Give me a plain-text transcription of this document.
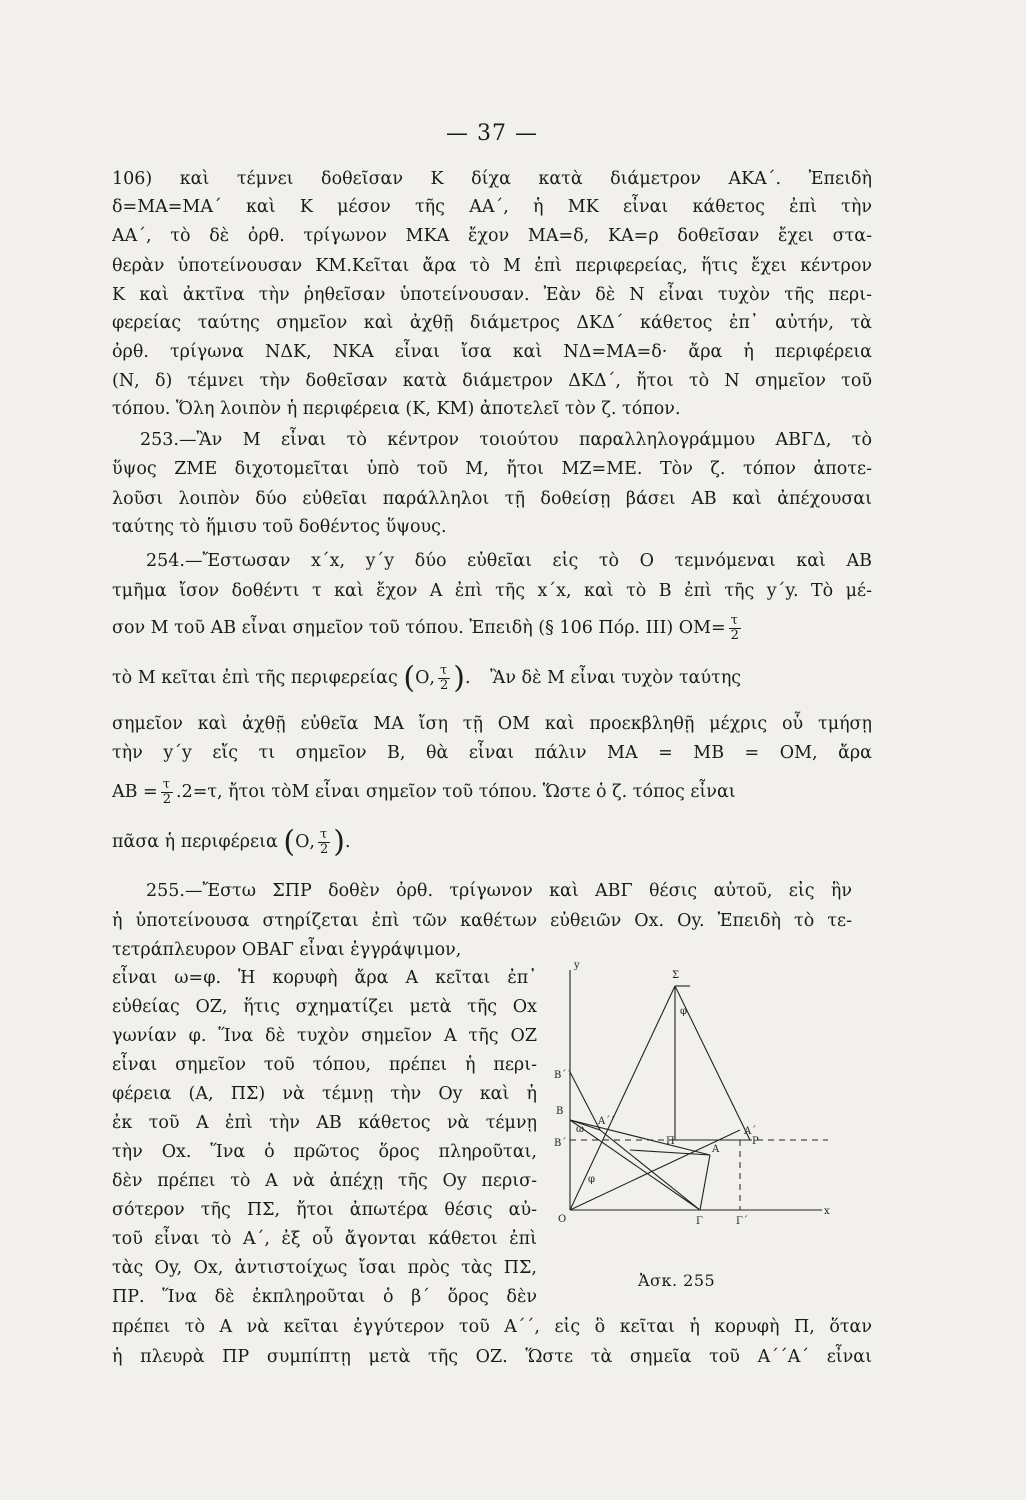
— 37 —
106) καὶ τέμνει δοθεῖσαν Κ δίχα κατὰ διάμετρον ΑΚΑ΄. Ἐπειδὴ
δ=ΜΑ=ΜΑ΄ καὶ Κ μέσον τῆς ΑΑ΄, ἡ ΜΚ εἶναι κάθετος ἐπὶ τὴν
ΑΑ΄, τὸ δὲ ὀρθ. τρίγωνον ΜΚΑ ἔχον ΜΑ=δ, ΚΑ=ρ δοθεῖσαν ἔχει στα-
θερὰν ὑποτείνουσαν ΚΜ.Κεῖται ἄρα τὸ Μ ἐπὶ περιφερείας, ἥτις ἔχει κέντρον
Κ καὶ ἀκτῖνα τὴν ῥηθεῖσαν ὑποτείνουσαν. Ἐὰν δὲ Ν εἶναι τυχὸν τῆς περι-
φερείας ταύτης σημεῖον καὶ ἀχθῇ διάμετρος ΔΚΔ΄ κάθετος ἐπ᾽ αὐτήν, τὰ
ὀρθ. τρίγωνα ΝΔΚ, ΝΚΑ εἶναι ἴσα καὶ ΝΔ=ΜΑ=δ· ἄρα ἡ περιφέρεια
(Ν, δ) τέμνει τὴν δοθεῖσαν κατὰ διάμετρον ΔΚΔ΄, ἤτοι τὸ Ν σημεῖον τοῦ
τόπου. Ὅλη λοιπὸν ἡ περιφέρεια (Κ, ΚΜ) ἀποτελεῖ τὸν ζ. τόπον.
253.—Ἂν Μ εἶναι τὸ κέντρον τοιούτου παραλληλογράμμου ΑΒΓΔ, τὸ
ὕψος ΖΜΕ διχοτομεῖται ὑπὸ τοῦ Μ, ἤτοι ΜΖ=ΜΕ. Τὸν ζ. τόπον ἀποτε-
λοῦσι λοιπὸν δύο εὐθεῖαι παράλληλοι τῇ δοθείσῃ βάσει ΑΒ καὶ ἀπέχουσαι
ταύτης τὸ ἥμισυ τοῦ δοθέντος ὕψους.
254.—Ἔστωσαν x΄x, y΄y δύο εὐθεῖαι εἰς τὸ Ο τεμνόμεναι καὶ ΑΒ
τμῆμα ἴσον δοθέντι τ καὶ ἔχον Α ἐπὶ τῆς x΄x, καὶ τὸ Β ἐπὶ τῆς y΄y. Τὸ μέ-
σον Μ τοῦ ΑΒ εἶναι σημεῖον τοῦ τόπου. Ἐπειδὴ (§ 106 Πόρ. ΙΙΙ) $OM= \frac{\tau}{2}$
τὸ Μ κεῖται ἐπὶ τῆς περιφερείας (Ο, $\frac{\tau}{2}$ ). Ἂν δὲ Μ εἶναι τυχὸν ταύτης
σημεῖον καὶ ἀχθῇ εὐθεῖα ΜΑ ἴση τῇ ΟΜ καὶ προεκβληθῇ μέχρις οὗ τμήσῃ
τὴν y΄y εἴς τι σημεῖον Β, θὰ εἶναι πάλιν ΜΑ = ΜΒ = ΟΜ, ἄρα
$AB = \frac{\tau}{2} .2=\tau$, ἤτοι τὸΜ εἶναι σημεῖον τοῦ τόπου. Ὥστε ὁ ζ. τόπος εἶναι
πᾶσα ἡ περιφέρεια (Ο, $\frac{\tau}{2}$ ).
255.—Ἔστω ΣΠΡ δοθὲν ὀρθ. τρίγωνον καὶ ΑΒΓ θέσις αὐτοῦ, εἰς ἣν
ἡ ὑποτείνουσα στηρίζεται ἐπὶ τῶν καθέτων εὐθειῶν Οx. Οy. Ἐπειδὴ τὸ τε-
τετράπλευρον ΟΒΑΓ εἶναι ἐγγράψιμον,
εἶναι ω=φ. Ἡ κορυφὴ ἄρα Α κεῖται ἐπ᾽
εὐθείας ΟΖ, ἥτις σχηματίζει μετὰ τῆς Οx
γωνίαν φ. Ἵνα δὲ τυχὸν σημεῖον Α τῆς ΟΖ
εἶναι σημεῖον τοῦ τόπου, πρέπει ἡ περι-
φέρεια (Α, ΠΣ) νὰ τέμνῃ τὴν Οy καὶ ἡ
ἐκ τοῦ Α ἐπὶ τὴν ΑΒ κάθετος νὰ τέμνῃ
τὴν Οx. Ἵνα ὁ πρῶτος ὅρος πληροῦται,
δὲν πρέπει τὸ Α νὰ ἀπέχῃ τῆς Οy περισ-
σότερον τῆς ΠΣ, ἤτοι ἀπωτέρα θέσις αὐ-
τοῦ εἶναι τὸ Α΄, ἐξ οὗ ἄγονται κάθετοι ἐπὶ
τὰς Οy, Οx, ἀντιστοίχως ἴσαι πρὸς τὰς ΠΣ,
ΠΡ. Ἵνα δὲ ἐκπληροῦται ὁ β΄ ὅρος δὲν
πρέπει τὸ Α νὰ κεῖται ἐγγύτερον τοῦ Α΄΄, εἰς ὃ κεῖται ἡ κορυφὴ Π, ὅταν
ἡ πλευρὰ ΠΡ συμπίπτῃ μετὰ τῆς ΟΖ. Ὥστε τὰ σημεῖα τοῦ Α΄΄Α΄ εἶναι
Σ
φ
Π	Ρ
Β΄΄
Β
Β΄
Α΄΄
Α΄
Α
ω
φ
Ο	Γ	Γ΄
x
y
Ἀσκ. 255
